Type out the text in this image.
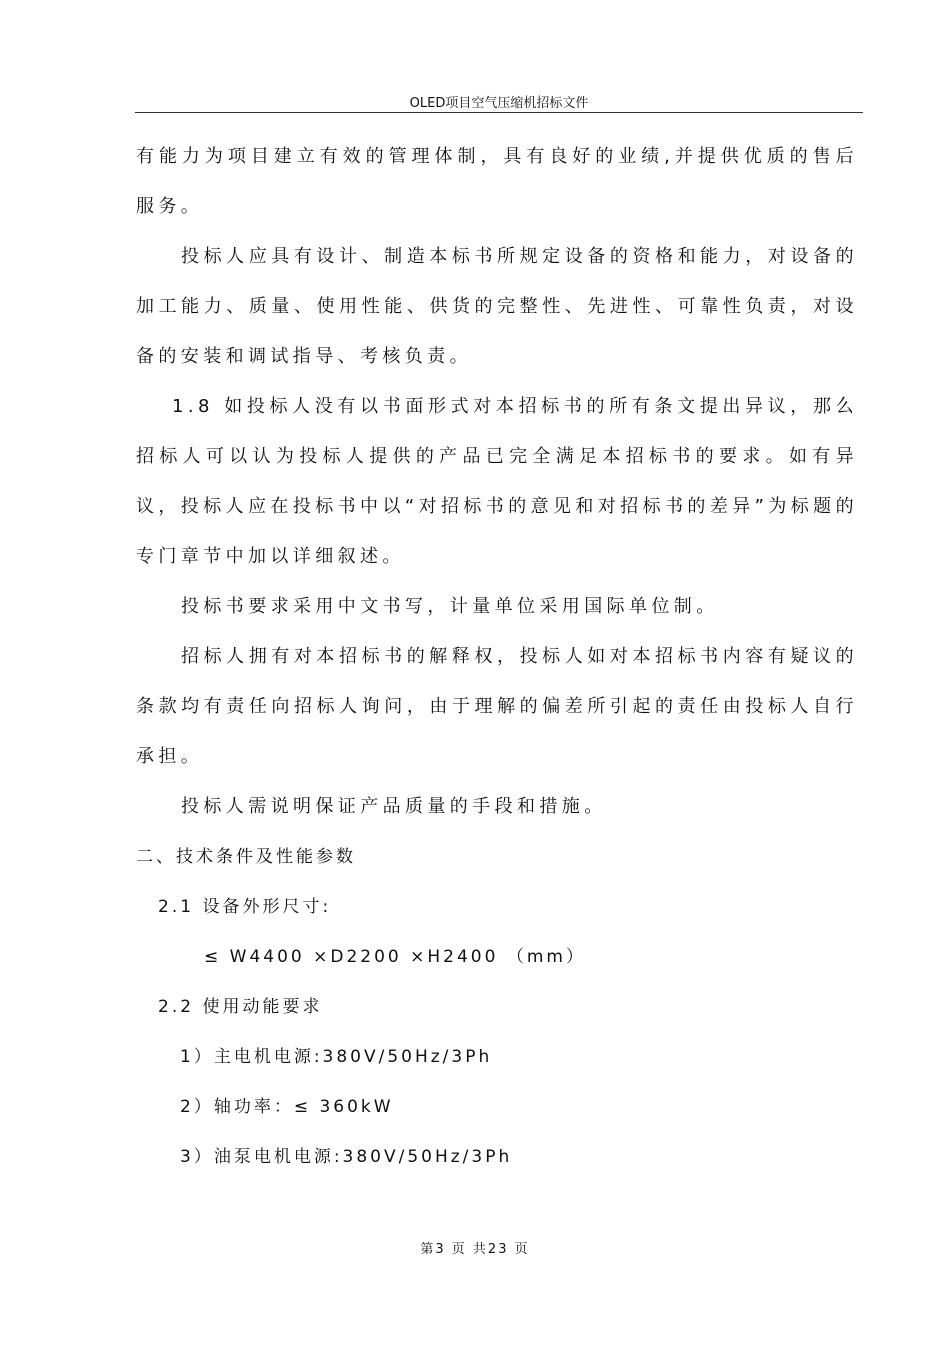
OLED项目空气压缩机招标文件

有能力为项目建立有效的管理体制，具有良好的业绩,并提供优质的售后服务。

投标人应具有设计、制造本标书所规定设备的资格和能力，对设备的加工能力、质量、使用性能、供货的完整性、先进性、可靠性负责，对设备的安装和调试指导、考核负责。

1.8 如投标人没有以书面形式对本招标书的所有条文提出异议，那么招标人可以认为投标人提供的产品已完全满足本招标书的要求。如有异议，投标人应在投标书中以“对招标书的意见和对招标书的差异”为标题的专门章节中加以详细叙述。

投标书要求采用中文书写，计量单位采用国际单位制。

招标人拥有对本招标书的解释权，投标人如对本招标书内容有疑议的条款均有责任向招标人询问，由于理解的偏差所引起的责任由投标人自行承担。

投标人需说明保证产品质量的手段和措施。

二、技术条件及性能参数

2.1 设备外形尺寸:

≤ W4400 ×D2200 ×H2400 （mm）

2.2 使用动能要求

1）主电机电源:380V/50Hz/3Ph

2）轴功率：≤ 360kW

3）油泵电机电源:380V/50Hz/3Ph

第3 页 共23 页
